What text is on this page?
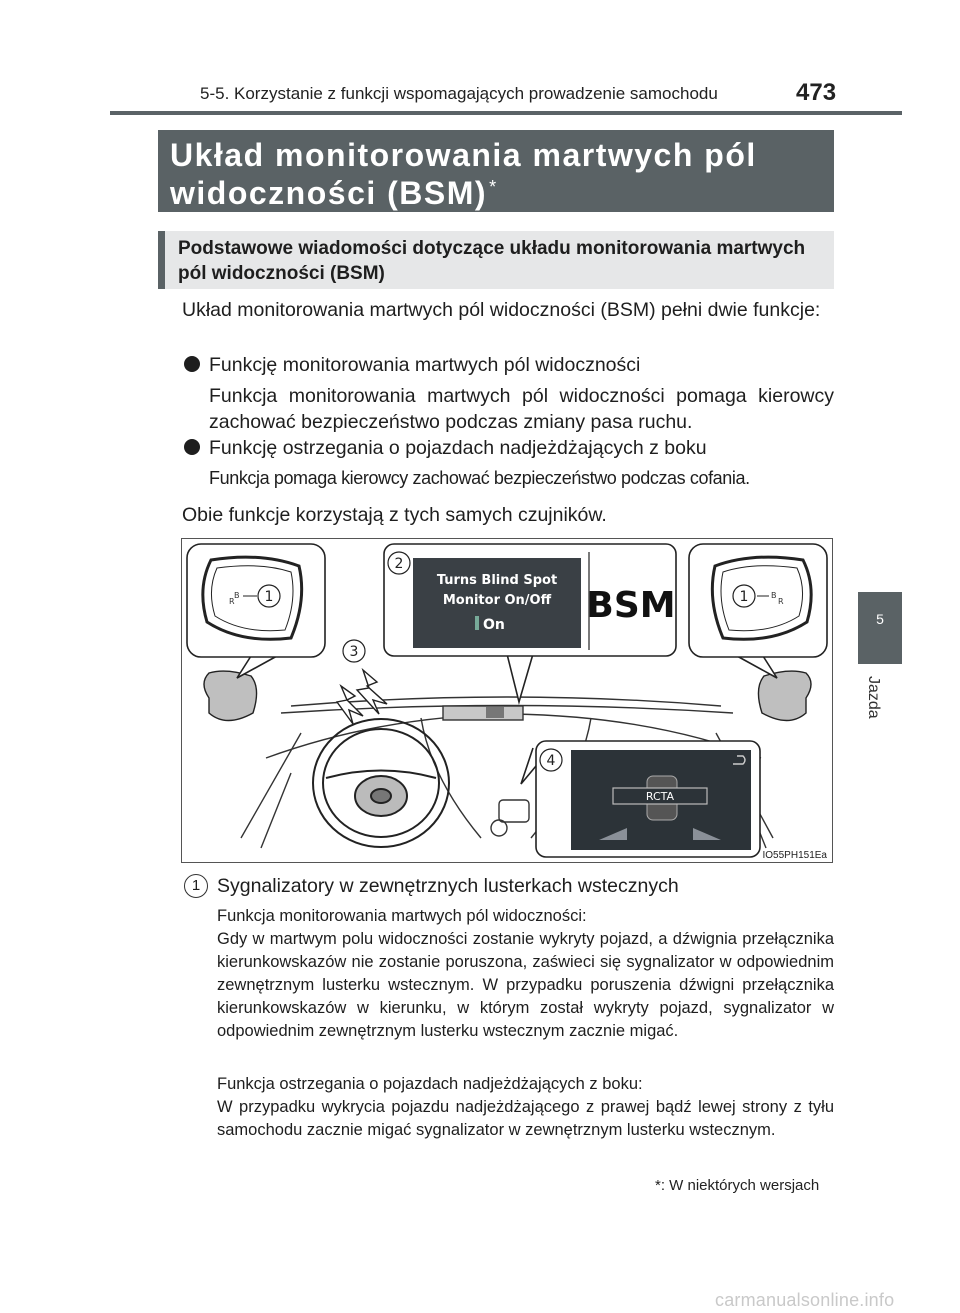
5-5. Korzystanie z funkcji wspomagających prowadzenie samochodu	473
Układ monitorowania martwych pól widoczności (BSM) *
Podstawowe wiadomości dotyczące układu monitorowania martwych pól widoczności (BSM)
Układ monitorowania martwych pól widoczności (BSM) pełni dwie funkcje:
Funkcję monitorowania martwych pól widoczności
Funkcja monitorowania martwych pól widoczności pomaga kierowcy zachować bezpieczeństwo podczas zmiany pasa ruchu.
Funkcję ostrzegania o pojazdach nadjeżdżających z boku
Funkcja pomaga kierowcy zachować bezpieczeństwo podczas cofania.
Obie funkcje korzystają z tych samych czujników.
R
B 1	B
R
1
Turns Blind Spot
Monitor On/Off
On BSM
2
3
RCTA
4
IO55PH151Ea
1 Sygnalizatory w zewnętrznych lusterkach wstecznych
Funkcja monitorowania martwych pól widoczności:
Gdy w martwym polu widoczności zostanie wykryty pojazd, a dźwignia przełącznika kierunkowskazów nie zostanie poruszona, zaświeci się sygnalizator w odpowiednim zewnętrznym lusterku wstecznym. W przypadku poruszenia dźwigni przełącznika kierunkowskazów w kierunku, w którym został wykryty pojazd, sygnalizator w odpowiednim zewnętrznym lusterku wstecznym zacznie migać.
Funkcja ostrzegania o pojazdach nadjeżdżających z boku:
W przypadku wykrycia pojazdu nadjeżdżającego z prawej bądź lewej strony z tyłu samochodu zacznie migać sygnalizator w zewnętrznym lusterku wstecznym.
*: W niektórych wersjach
5
Jazda
carmanualsonline.info
